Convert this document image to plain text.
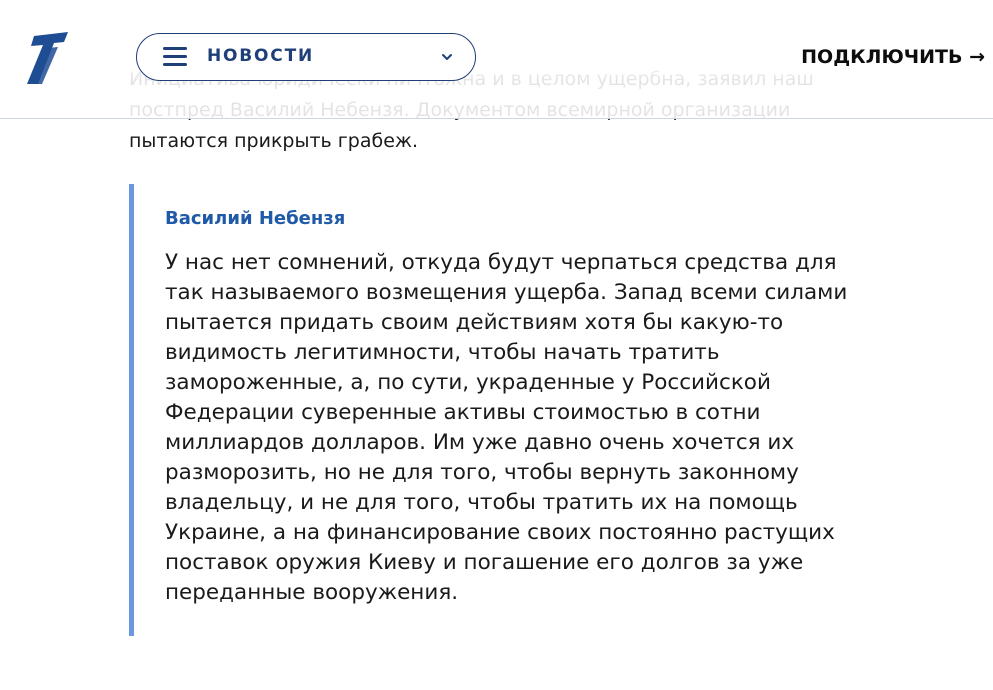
пытаются прикрыть грабеж.

НОВОСТИ	ПОДКЛЮЧИТЬ →
Василий Небензя

У нас нет сомнений, откуда будут черпаться средства для так называемого возмещения ущерба. Запад всеми силами пытается придать своим действиям хотя бы какую-то видимость легитимности, чтобы начать тратить замороженные, а, по сути, украденные у Российской Федерации суверенные активы стоимостью в сотни миллиардов долларов. Им уже давно очень хочется их разморозить, но не для того, чтобы вернуть законному владельцу, и не для того, чтобы тратить их на помощь Украине, а на финансирование своих постоянно растущих поставок оружия Киеву и погашение его долгов за уже переданные вооружения.
